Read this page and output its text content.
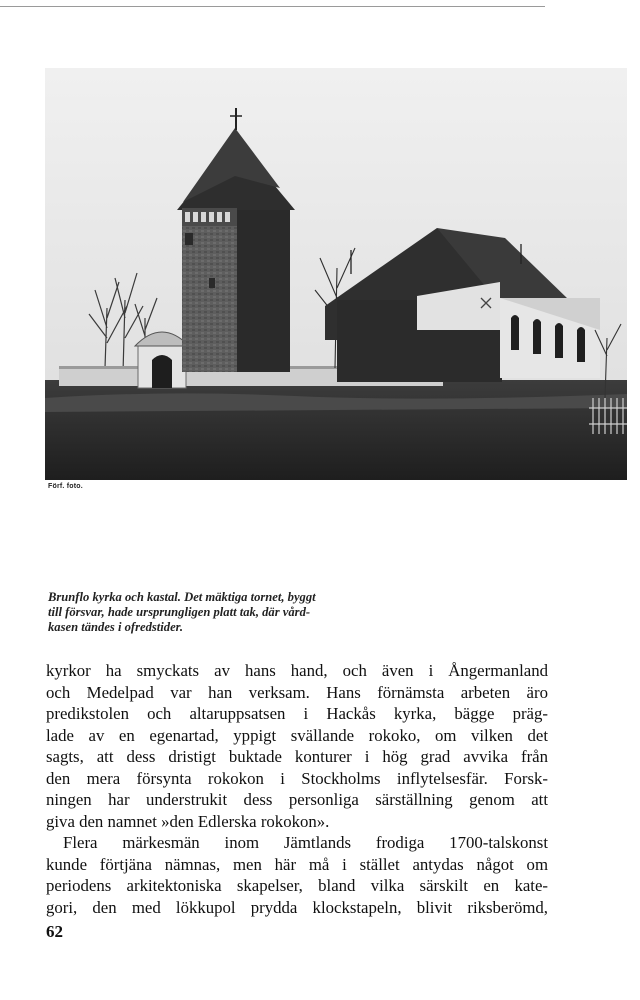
Förf. foto.
Brunflo kyrka och kastal. Det mäktiga tornet, byggt
till försvar, hade ursprungligen platt tak, där vård-
kasen tändes i ofredstider.
kyrkor ha smyckats av hans hand, och även i Ångermanland
och Medelpad var han verksam. Hans förnämsta arbeten äro
predikstolen och altaruppsatsen i Hackås kyrka, bägge präg-
lade av en egenartad, yppigt svällande rokoko, om vilken det
sagts, att dess dristigt buktade konturer i hög grad avvika från
den mera försynta rokokon i Stockholms inflytelsesfär. Forsk-
ningen har understrukit dess personliga särställning genom att
giva den namnet »den Edlerska rokokon».
Flera märkesmän inom Jämtlands frodiga 1700-talskonst
kunde förtjäna nämnas, men här må i stället antydas något om
periodens arkitektoniska skapelser, bland vilka särskilt en kate-
gori, den med lökkupol prydda klockstapeln, blivit riksberömd,
62
